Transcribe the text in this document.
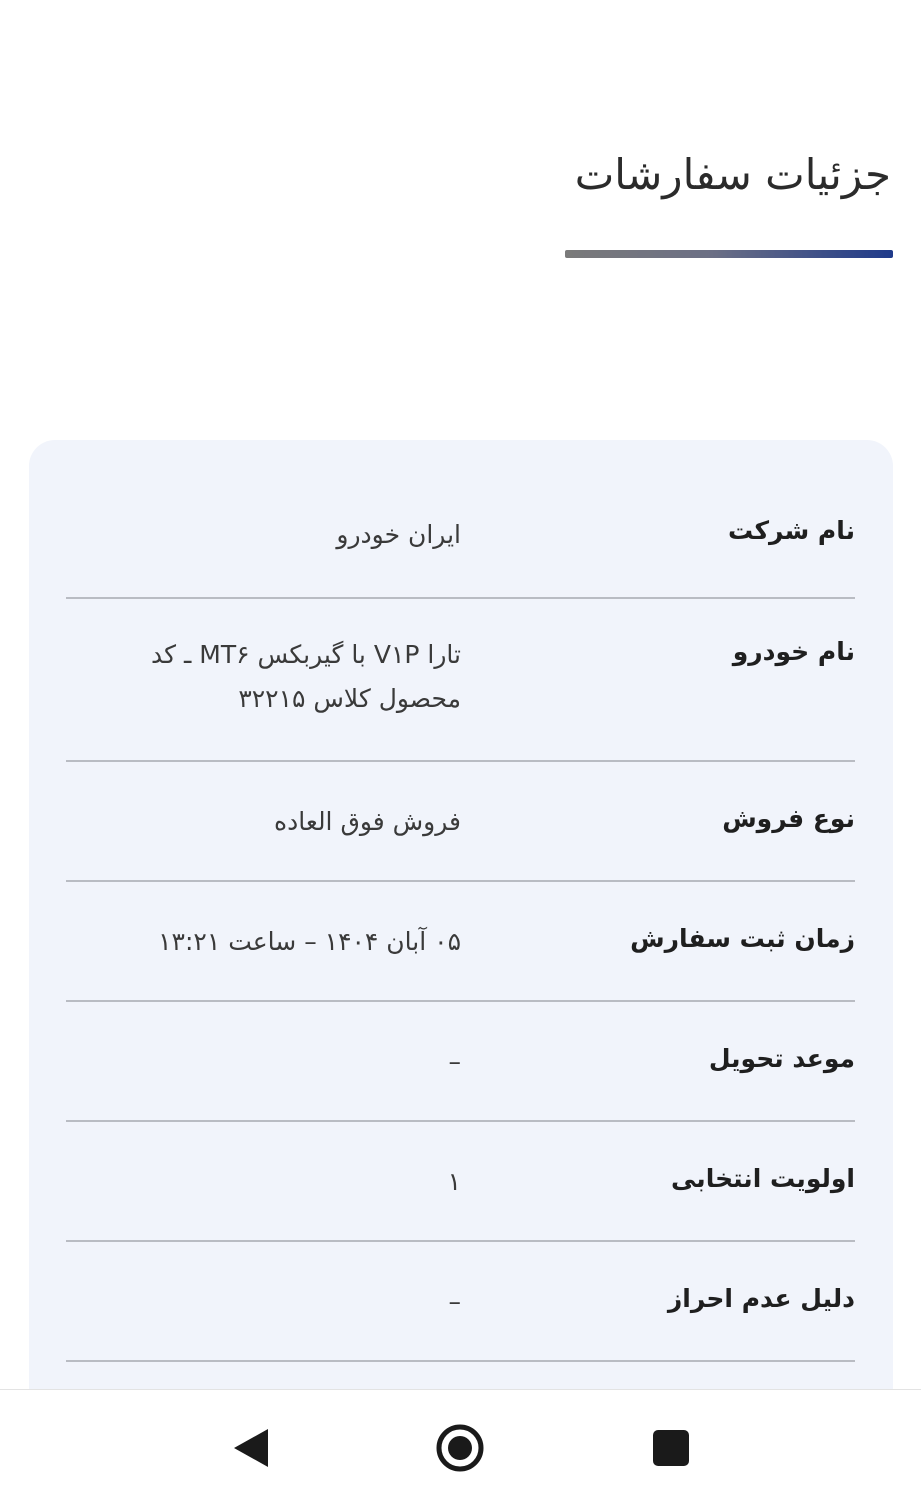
جزئیات سفارشات
نام شرکت
ایران خودرو
نام خودرو
تارا V۱P با گیربکس MT۶ ـ کد محصول کلاس ۳۲۲۱۵
نوع فروش
فروش فوق العاده
زمان ثبت سفارش
۰۵ آبان ۱۴۰۴ – ساعت ۱۳:۲۱
موعد تحویل
–
اولویت انتخابی
۱
دلیل عدم احراز
–
